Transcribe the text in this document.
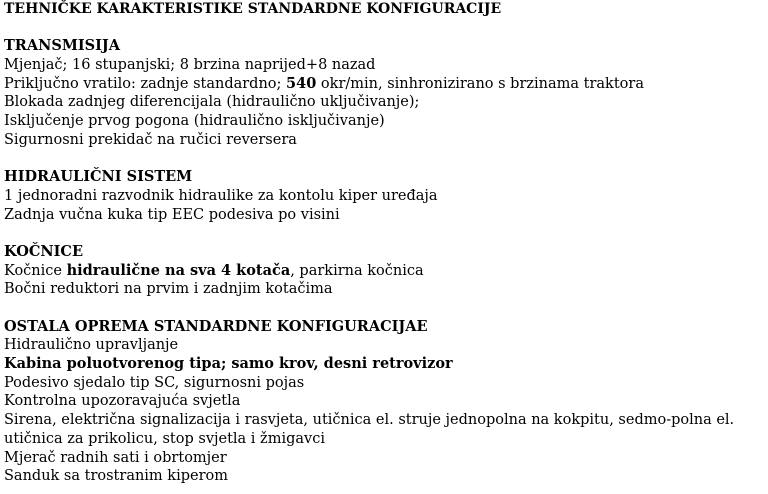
TEHNIČKE KARAKTERISTIKE STANDARDNE KONFIGURACIJE
TRANSMISIJA
Mjenjač; 16 stupanjski; 8 brzina naprijed+8 nazad
Priključno vratilo: zadnje standardno; 540 okr/min, sinhronizirano s brzinama traktora
Blokada zadnjeg diferencijala (hidraulično uključivanje);
Isključenje prvog pogona (hidraulično isključivanje)
Sigurnosni prekidač na ručici reversera
HIDRAULIČNI SISTEM
1 jednoradni razvodnik hidraulike za kontolu kiper uređaja
Zadnja vučna kuka tip EEC podesiva po visini
KOČNICE
Kočnice hidraulične na sva 4 kotača, parkirna kočnica
Bočni reduktori na prvim i zadnjim kotačima
OSTALA OPREMA STANDARDNE KONFIGURACIJAE
Hidraulično upravljanje
Kabina poluotvorenog tipa; samo krov, desni retrovizor
Podesivo sjedalo tip SC, sigurnosni pojas
Kontrolna upozoravajuća svjetla
Sirena, električna signalizacija i rasvjeta, utičnica el. struje jednopolna na kokpitu, sedmo-polna el.
utičnica za prikolicu, stop svjetla i žmigavci
Mjerač radnih sati i obrtomjer
Sanduk sa trostranim kiperom
